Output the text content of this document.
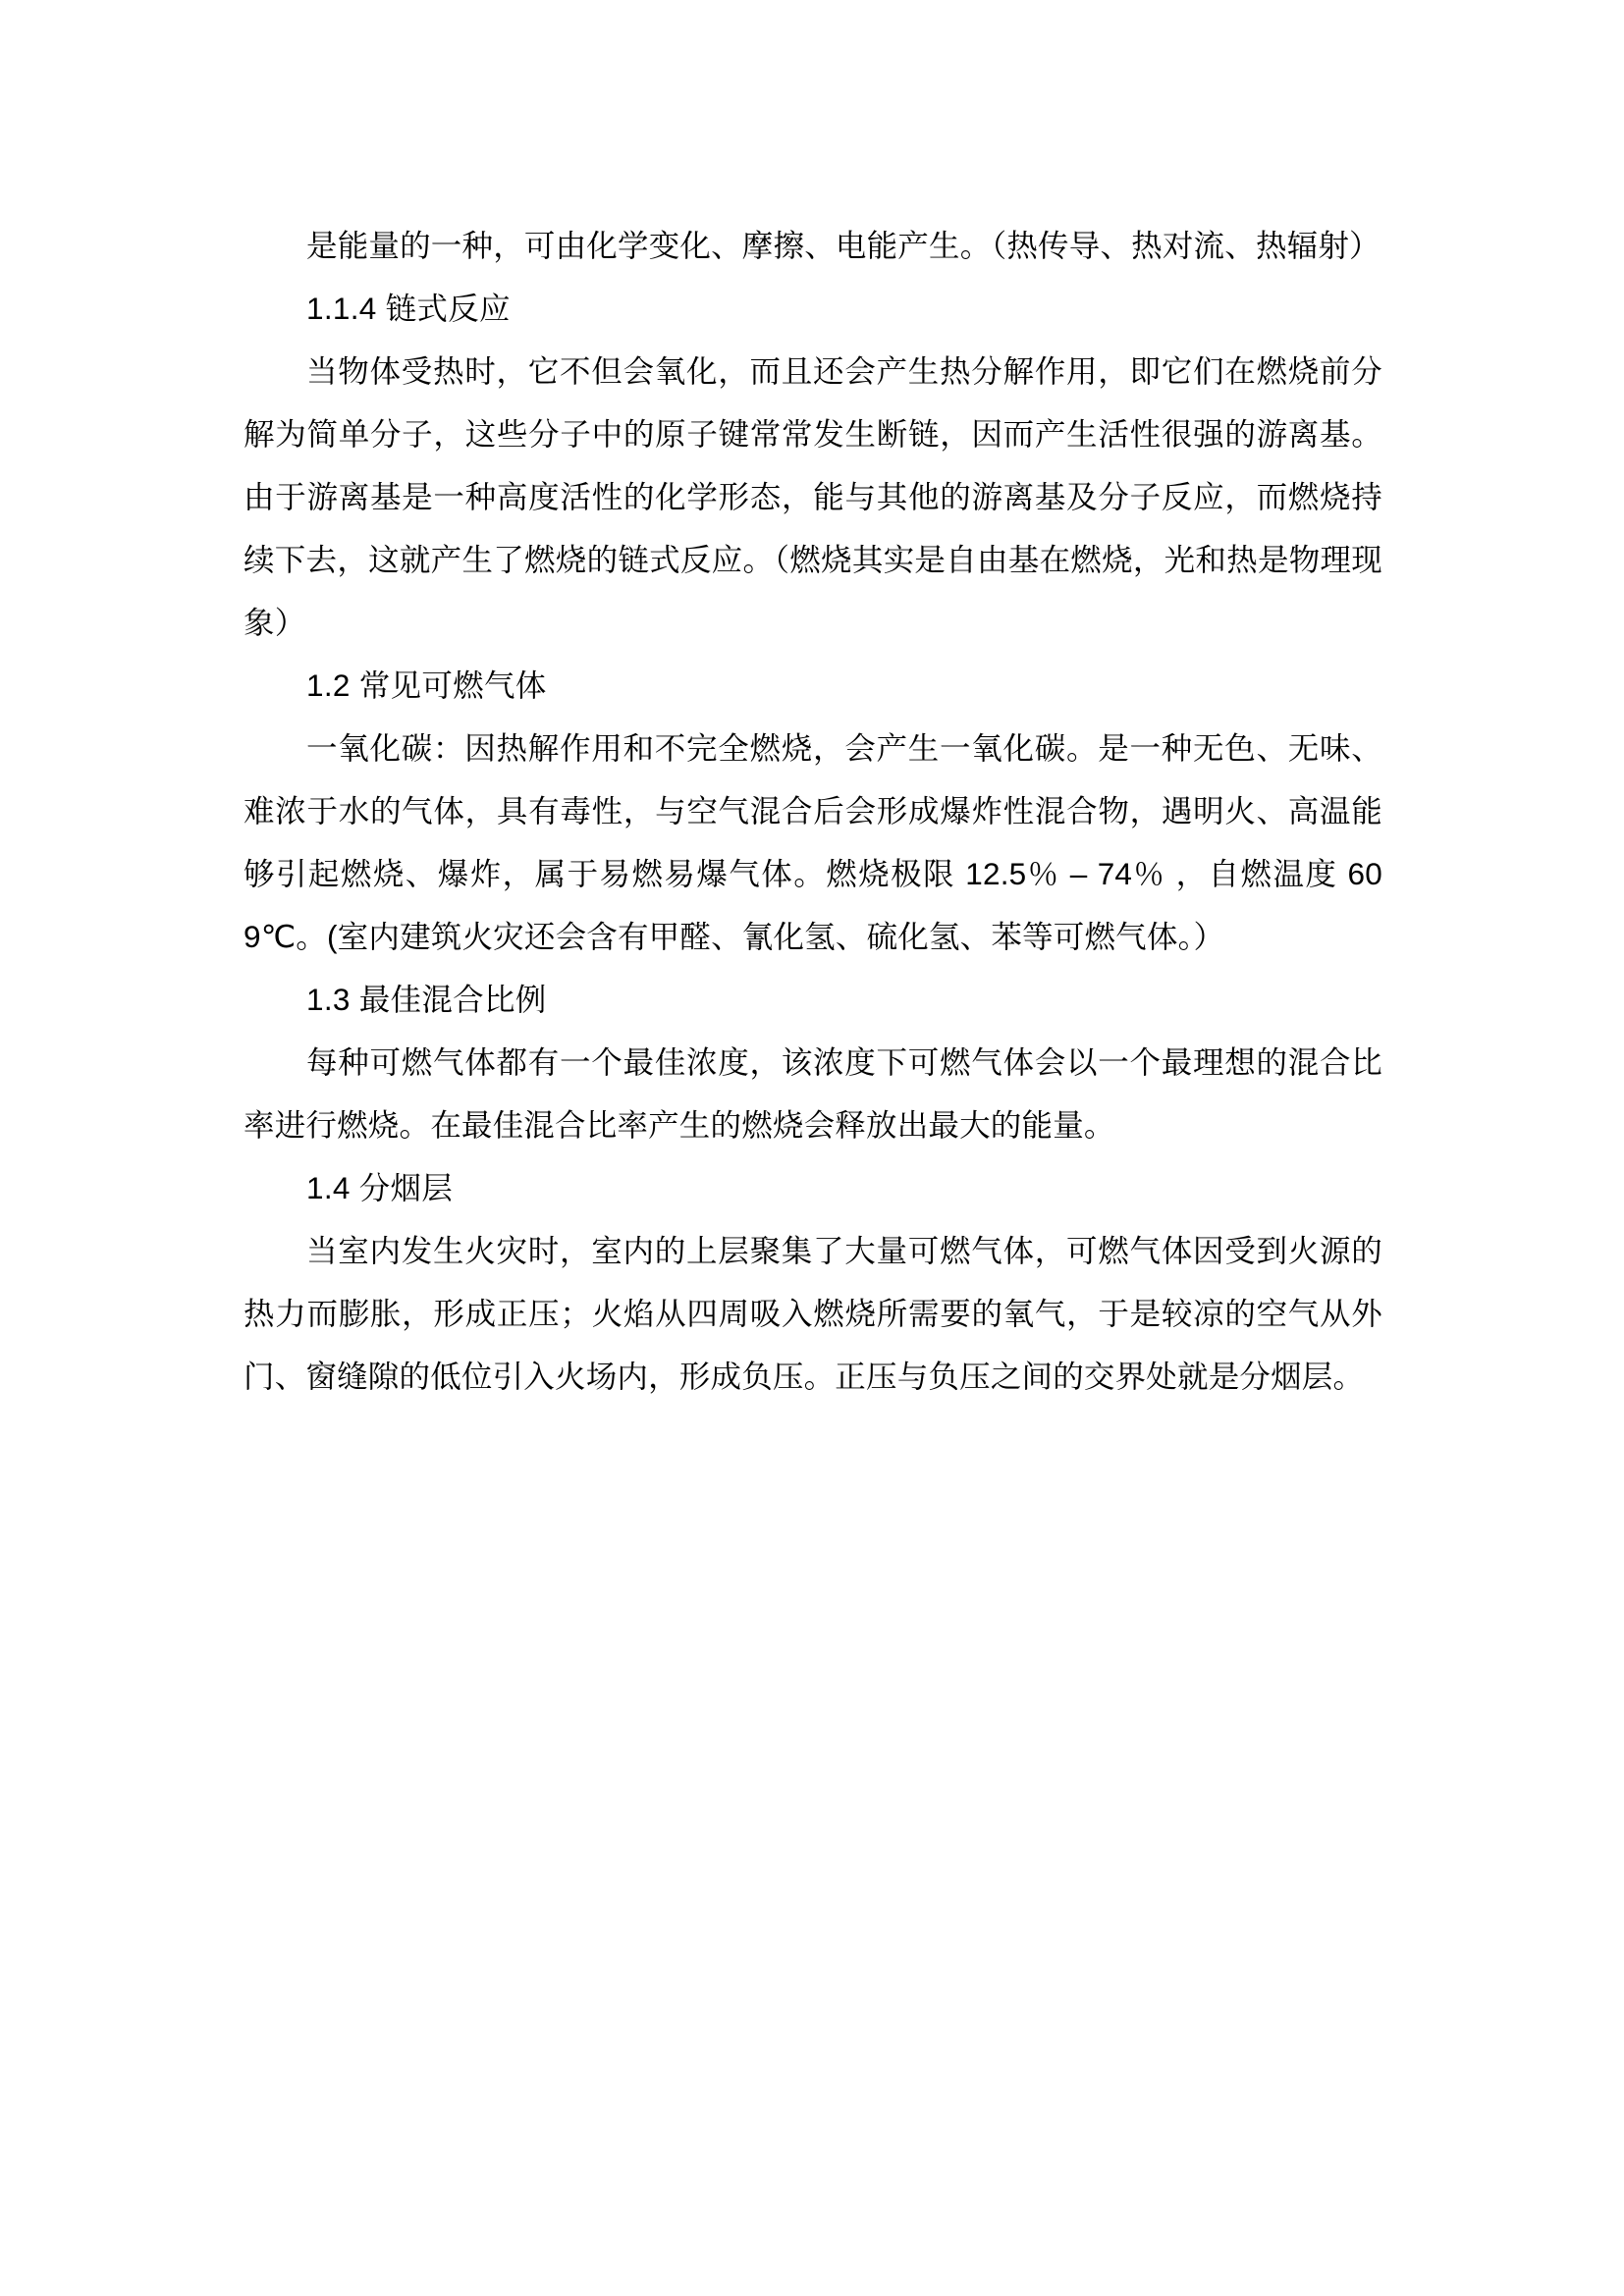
是能量的一种，可由化学变化、摩擦、电能产生。（热传导、热对流、热辐射）

1.1.4 链式反应

当物体受热时，它不但会氧化，而且还会产生热分解作用，即它们在燃烧前分解为简单分子，这些分子中的原子键常常发生断链，因而产生活性很强的游离基。由于游离基是一种高度活性的化学形态，能与其他的游离基及分子反应，而燃烧持续下去，这就产生了燃烧的链式反应。（燃烧其实是自由基在燃烧，光和热是物理现象）

1.2 常见可燃气体

一氧化碳：因热解作用和不完全燃烧，会产生一氧化碳。是一种无色、无味、难浓于水的气体，具有毒性，与空气混合后会形成爆炸性混合物，遇明火、高温能够引起燃烧、爆炸，属于易燃易爆气体。燃烧极限 12.5％ – 74％ ，自燃温度 609℃。(室内建筑火灾还会含有甲醛、氰化氢、硫化氢、苯等可燃气体。）

1.3 最佳混合比例

每种可燃气体都有一个最佳浓度，该浓度下可燃气体会以一个最理想的混合比率进行燃烧。在最佳混合比率产生的燃烧会释放出最大的能量。

1.4 分烟层

当室内发生火灾时，室内的上层聚集了大量可燃气体，可燃气体因受到火源的热力而膨胀，形成正压；火焰从四周吸入燃烧所需要的氧气，于是较凉的空气从外门、窗缝隙的低位引入火场内，形成负压。正压与负压之间的交界处就是分烟层。
